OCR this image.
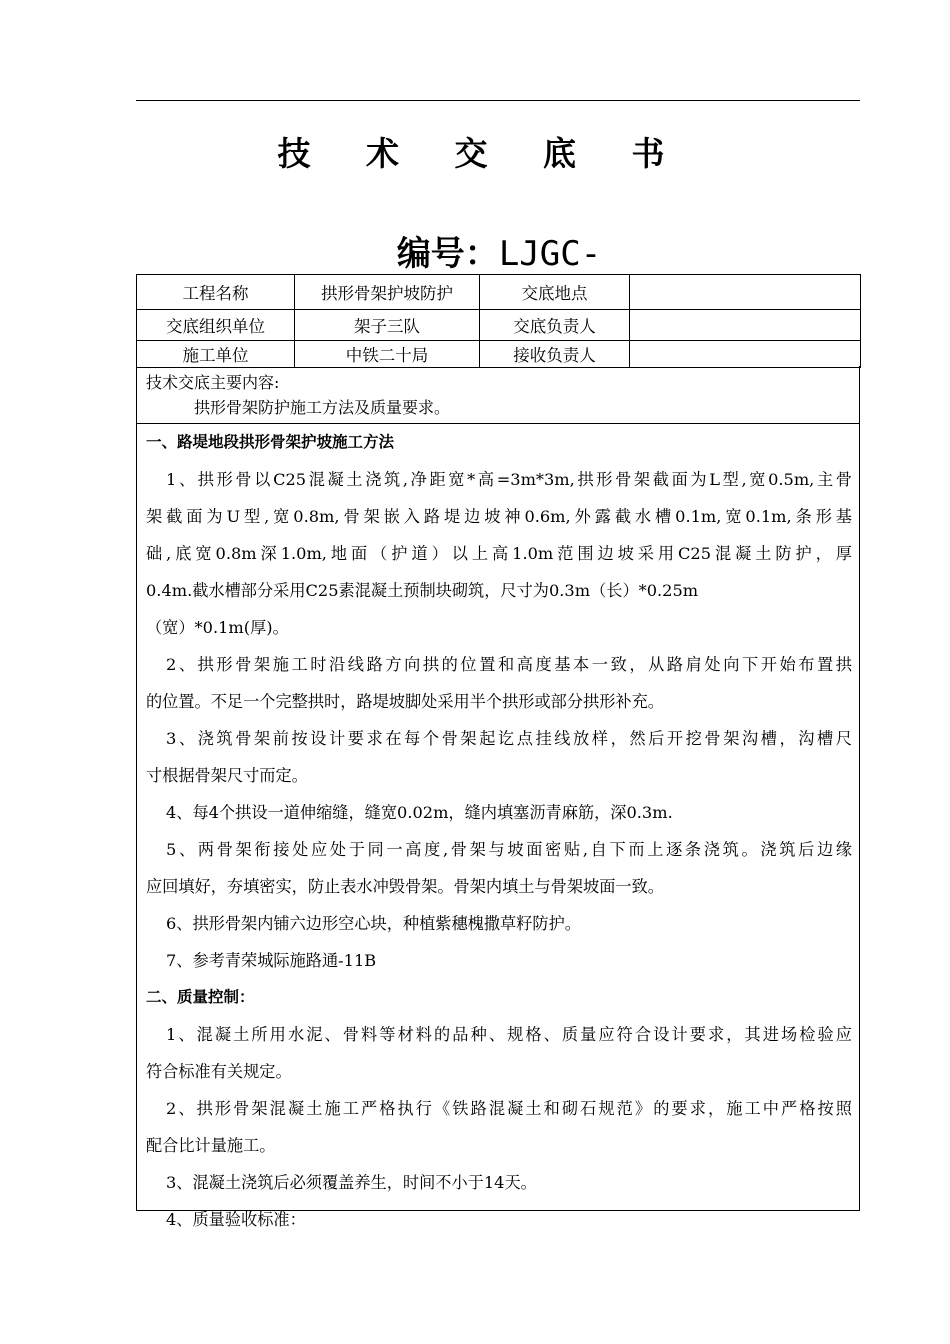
技 术 交 底 书
编号：LJGC-
工程名称	拱形骨架护坡防护	交底地点	
交底组织单位	架子三队	交底负责人	
施工单位	中铁二十局	接收负责人	
技术交底主要内容:
拱形骨架防护施工方法及质量要求。
一、路堤地段拱形骨架护坡施工方法
1、拱形骨以C25混凝土浇筑,净距宽*高=3m*3m,拱形骨架截面为L型,宽0.5m,主骨
架截面为U型,宽0.8m,骨架嵌入路堤边坡神0.6m,外露截水槽0.1m,宽0.1m,条形基
础,底宽0.8m深1.0m,地面（护道）以上高1.0m范围边坡采用C25混凝土防护，厚
0.4m.截水槽部分采用C25素混凝土预制块砌筑，尺寸为0.3m（长）*0.25m
（宽）*0.1m(厚)。
2、拱形骨架施工时沿线路方向拱的位置和高度基本一致，从路肩处向下开始布置拱
的位置。不足一个完整拱时，路堤坡脚处采用半个拱形或部分拱形补充。
3、浇筑骨架前按设计要求在每个骨架起讫点挂线放样，然后开挖骨架沟槽，沟槽尺
寸根据骨架尺寸而定。
4、每4个拱设一道伸缩缝，缝宽0.02m，缝内填塞沥青麻筋，深0.3m.
5、两骨架衔接处应处于同一高度,骨架与坡面密贴,自下而上逐条浇筑。浇筑后边缘
应回填好，夯填密实，防止表水冲毁骨架。骨架内填土与骨架坡面一致。
6、拱形骨架内铺六边形空心块，种植紫穗槐撒草籽防护。
7、参考青荣城际施路通-11B
二、质量控制：
1、混凝土所用水泥、骨料等材料的品种、规格、质量应符合设计要求，其进场检验应
符合标准有关规定。
2、拱形骨架混凝土施工严格执行《铁路混凝土和砌石规范》的要求，施工中严格按照
配合比计量施工。
3、混凝土浇筑后必须覆盖养生，时间不小于14天。
4、质量验收标准：
